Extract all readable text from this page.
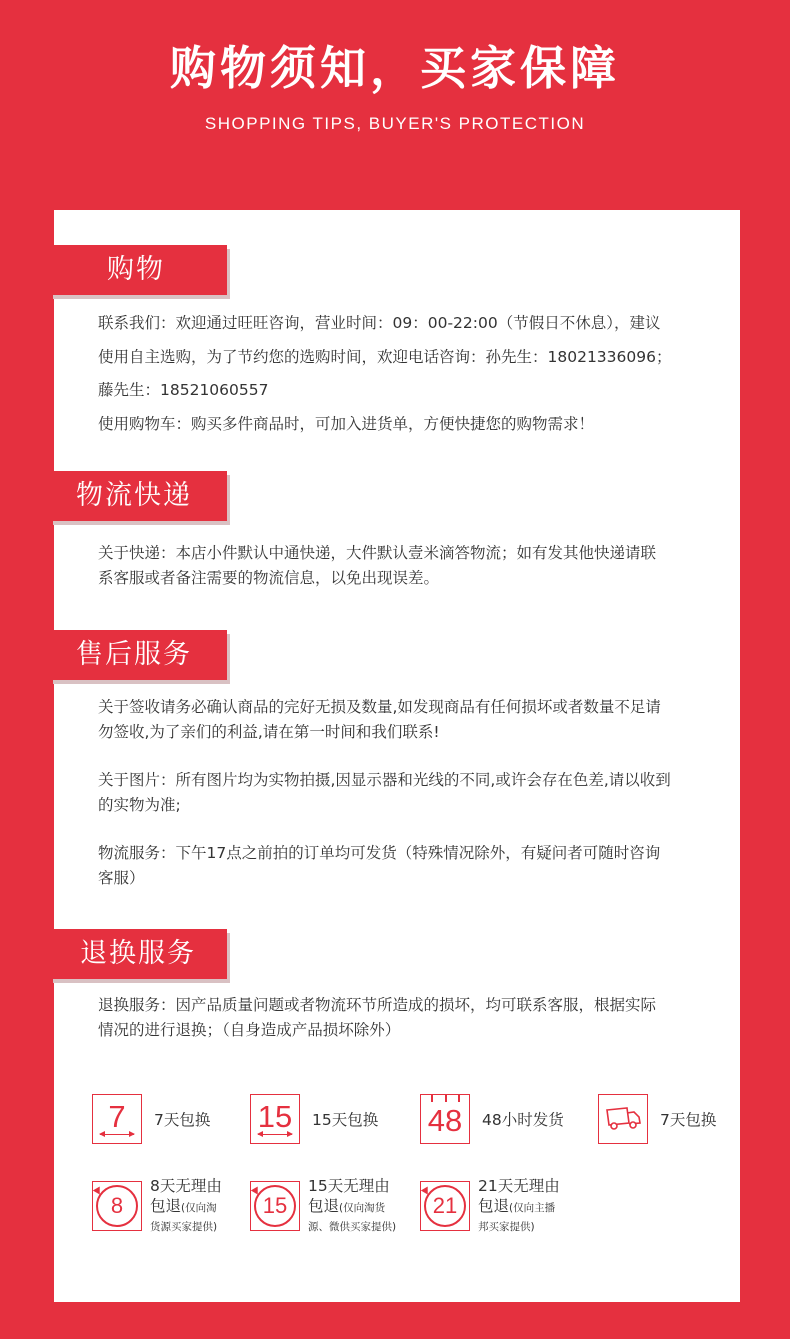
购物须知，买家保障
SHOPPING TIPS, BUYER'S PROTECTION
购物

联系我们：欢迎通过旺旺咨询，营业时间：09：00-22:00（节假日不休息），建议

使用自主选购，为了节约您的选购时间，欢迎电话咨询：孙先生：18021336096；

藤先生：18521060557

使用购物车：购买多件商品时，可加入进货单，方便快捷您的购物需求！

物流快递

关于快递：本店小件默认中通快递，大件默认壹米滴答物流；如有发其他快递请联

系客服或者备注需要的物流信息，以免出现误差。

售后服务

关于签收请务必确认商品的完好无损及数量,如发现商品有任何损坏或者数量不足请

勿签收,为了亲们的利益,请在第一时间和我们联系!

关于图片：所有图片均为实物拍摄,因显示器和光线的不同,或许会存在色差,请以收到

的实物为准;

物流服务：下午17点之前拍的订单均可发货（特殊情况除外，有疑问者可随时咨询

客服）

退换服务

退换服务：因产品质量问题或者物流环节所造成的损坏，均可联系客服，根据实际

情况的进行退换；（自身造成产品损坏除外）

7 7天包换 15 15天包换 48 48小时发货	7天包换
8
8天无理由
包退(仅向淘
货源买家提供)
15
15天无理由
包退(仅向淘货
源、微供买家提供)
21
21天无理由
包退(仅向主播
邦买家提供)
